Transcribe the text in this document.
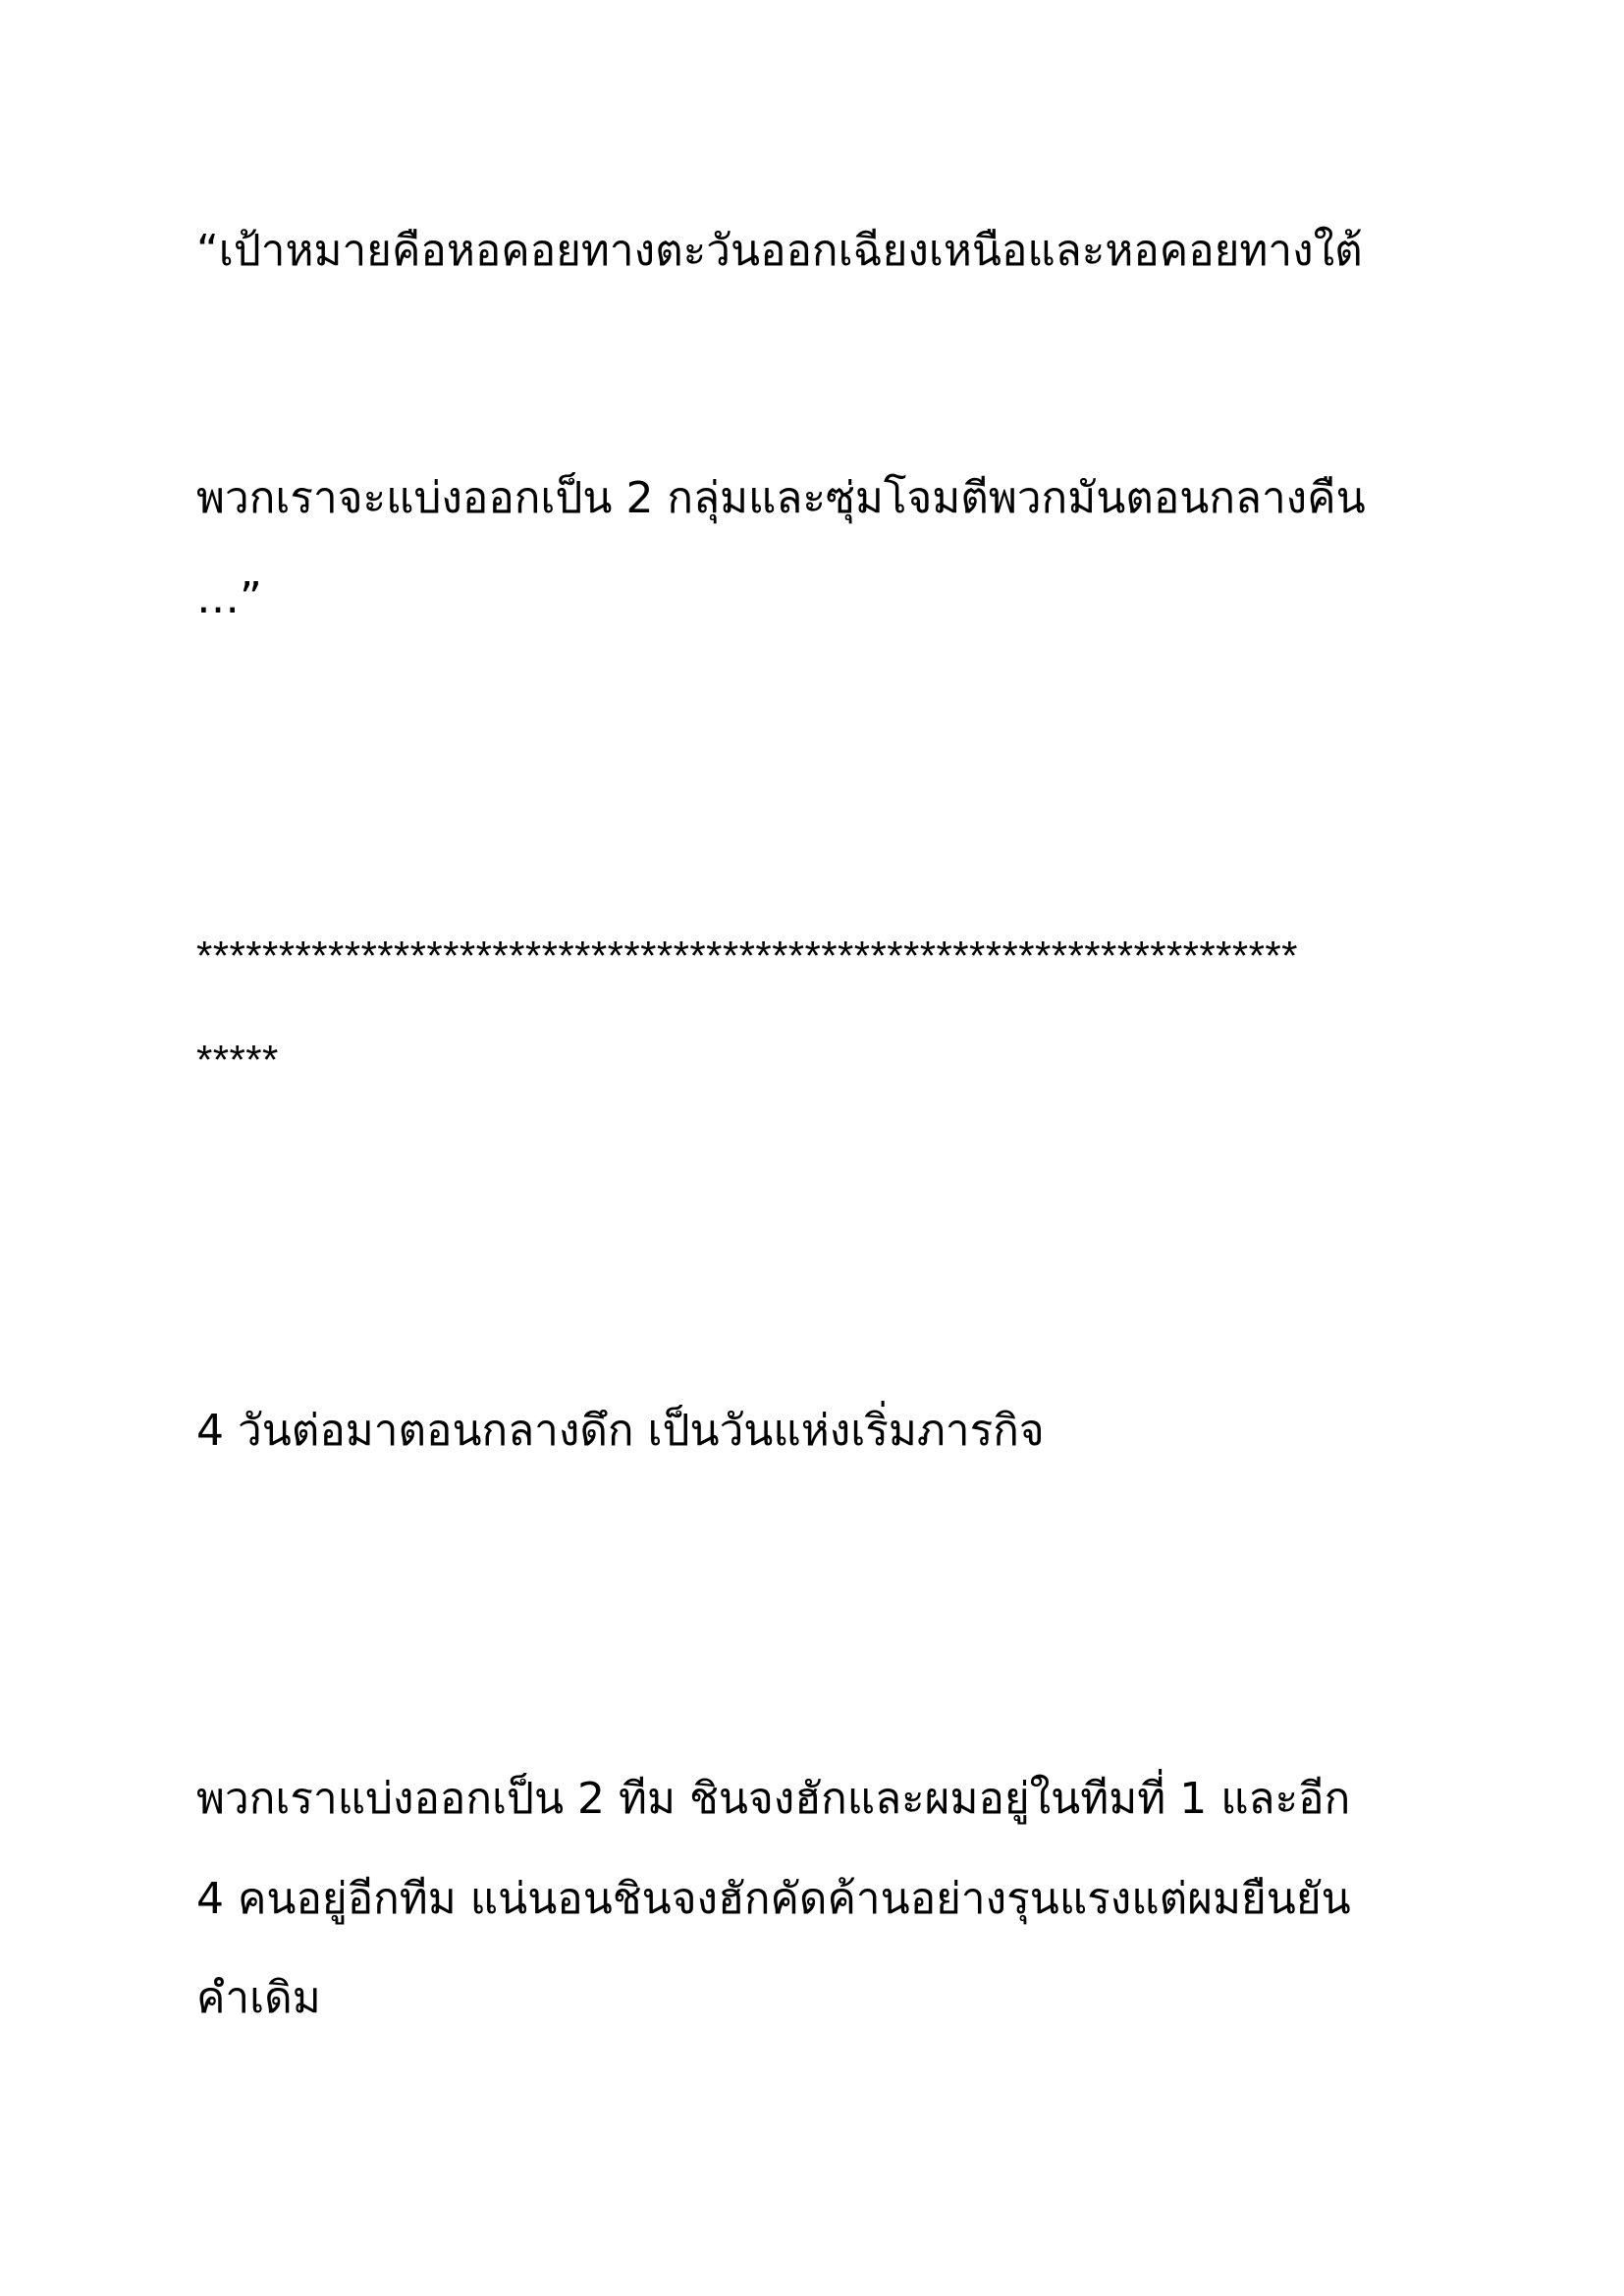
“เป้าหมายคือหอคอยทางตะวันออกเฉียงเหนือและหอคอยทางใต้
พวกเราจะแบ่งออกเป็น 2 กลุ่มและซุ่มโจมตีพวกมันตอนกลางคืน
…”
*******************************************************************
*****
4 วันต่อมาตอนกลางดึก เป็นวันแห่งเริ่มภารกิจ
พวกเราแบ่งออกเป็น 2 ทีม ชินจงฮักและผมอยู่ในทีมที่ 1 และอีก
4 คนอยู่อีกทีม แน่นอนชินจงฮักคัดค้านอย่างรุนแรงแต่ผมยืนยัน
คำเดิม
